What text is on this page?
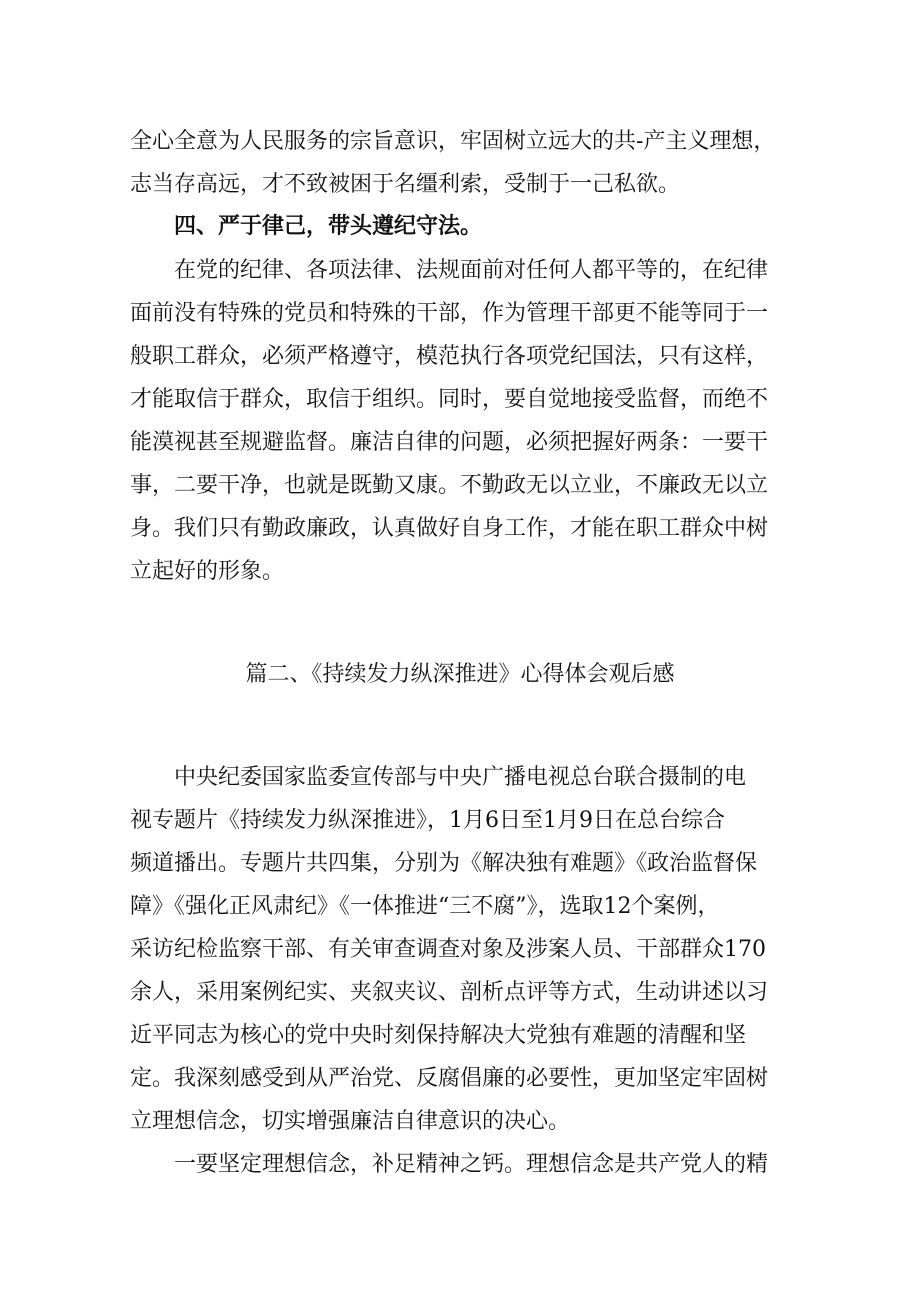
全心全意为人民服务的宗旨意识，牢固树立远大的共-产主义理想，
志当存高远，才不致被困于名缰利索，受制于一己私欲。
四、严于律己，带头遵纪守法。
在党的纪律、各项法律、法规面前对任何人都平等的，在纪律
面前没有特殊的党员和特殊的干部，作为管理干部更不能等同于一
般职工群众，必须严格遵守，模范执行各项党纪国法，只有这样，
才能取信于群众，取信于组织。同时，要自觉地接受监督，而绝不
能漠视甚至规避监督。廉洁自律的问题，必须把握好两条：一要干
事，二要干净，也就是既勤又康。不勤政无以立业，不廉政无以立
身。我们只有勤政廉政，认真做好自身工作，才能在职工群众中树
立起好的形象。
篇二、《持续发力纵深推进》心得体会观后感
中央纪委国家监委宣传部与中央广播电视总台联合摄制的电
视专题片《持续发力纵深推进》，1月6日至1月9日在总台综合
频道播出。专题片共四集，分别为《解决独有难题》《政治监督保
障》《强化正风肃纪》《一体推进“三不腐”》，选取12个案例，
采访纪检监察干部、有关审查调查对象及涉案人员、干部群众170
余人，采用案例纪实、夹叙夹议、剖析点评等方式，生动讲述以习
近平同志为核心的党中央时刻保持解决大党独有难题的清醒和坚
定。我深刻感受到从严治党、反腐倡廉的必要性，更加坚定牢固树
立理想信念，切实增强廉洁自律意识的决心。
一要坚定理想信念，补足精神之钙。理想信念是共产党人的精
